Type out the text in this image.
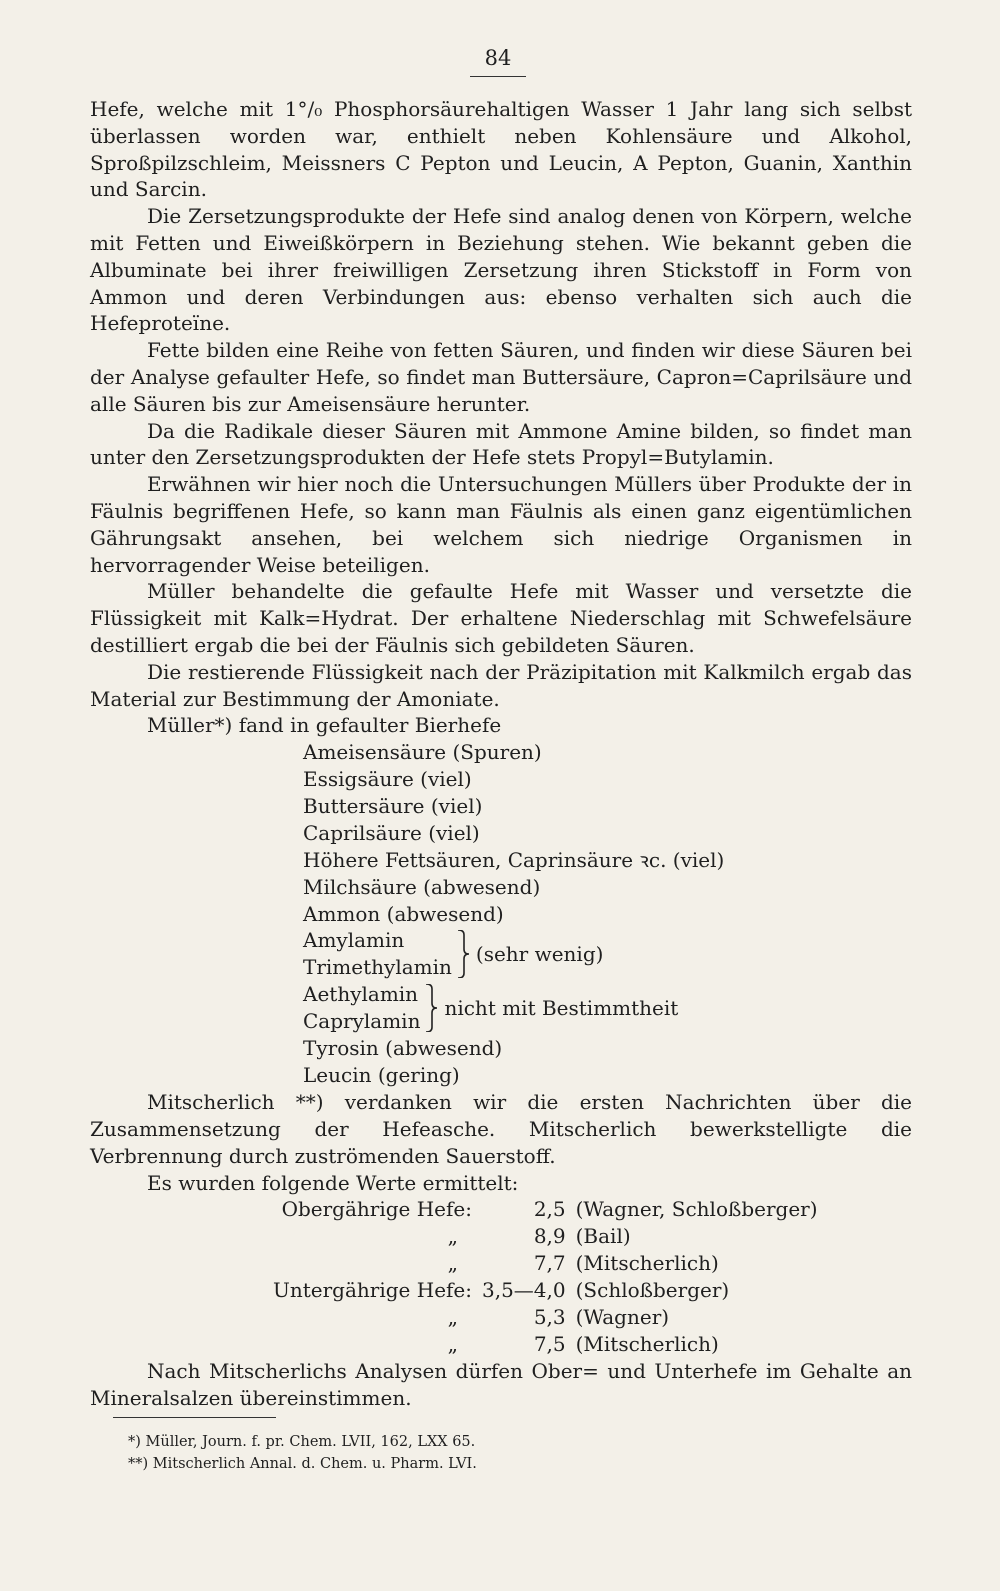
84

Hefe, welche mit 1°/₀ Phosphorsäurehaltigen Wasser 1 Jahr lang sich selbst überlassen worden war, enthielt neben Kohlensäure und Alkohol, Sproßpilzschleim, Meissners C Pepton und Leucin, A Pepton, Guanin, Xanthin und Sarcin.

Die Zersetzungsprodukte der Hefe sind analog denen von Körpern, welche mit Fetten und Eiweißkörpern in Beziehung stehen. Wie bekannt geben die Albuminate bei ihrer freiwilligen Zersetzung ihren Stickstoff in Form von Ammon und deren Verbindungen aus: ebenso verhalten sich auch die Hefeproteïne.

Fette bilden eine Reihe von fetten Säuren, und finden wir diese Säuren bei der Analyse gefaulter Hefe, so findet man Buttersäure, Capron=Caprilsäure und alle Säuren bis zur Ameisensäure herunter.

Da die Radikale dieser Säuren mit Ammone Amine bilden, so findet man unter den Zersetzungsprodukten der Hefe stets Propyl=Butylamin.

Erwähnen wir hier noch die Untersuchungen Müllers über Produkte der in Fäulnis begriffenen Hefe, so kann man Fäulnis als einen ganz eigentümlichen Gährungsakt ansehen, bei welchem sich niedrige Organismen in hervorragender Weise beteiligen.

Müller behandelte die gefaulte Hefe mit Wasser und versetzte die Flüssigkeit mit Kalk=Hydrat. Der erhaltene Niederschlag mit Schwefelsäure destilliert ergab die bei der Fäulnis sich gebildeten Säuren.

Die restierende Flüssigkeit nach der Präzipitation mit Kalkmilch ergab das Material zur Bestimmung der Amoniate.

Müller*) fand in gefaulter Bierhefe

Ameisensäure (Spuren)
Essigsäure (viel)
Buttersäure (viel)
Caprilsäure (viel)
Höhere Fettsäuren, Caprinsäure ꝛc. (viel)
Milchsäure (abwesend)
Ammon (abwesend)
Amylamin
Trimethylamin
(sehr wenig)
Aethylamin
Caprylamin
nicht mit Bestimmtheit
Tyrosin (abwesend)
Leucin (gering)

Mitscherlich **) verdanken wir die ersten Nachrichten über die Zusammensetzung der Hefeasche. Mitscherlich bewerkstelligte die Verbrennung durch zuströmenden Sauerstoff.

Es wurden folgende Werte ermittelt:

Obergährige Hefe:	2,5	(Wagner, Schloßberger)
„	8,9	(Bail)
„	7,7	(Mitscherlich)
Untergährige Hefe:	3,5—4,0	(Schloßberger)
„	5,3	(Wagner)
„	7,5	(Mitscherlich)

Nach Mitscherlichs Analysen dürfen Ober= und Unterhefe im Gehalte an Mineralsalzen übereinstimmen.

*) Müller, Journ. f. pr. Chem. LVII, 162, LXX 65.
**) Mitscherlich Annal. d. Chem. u. Pharm. LVI.
